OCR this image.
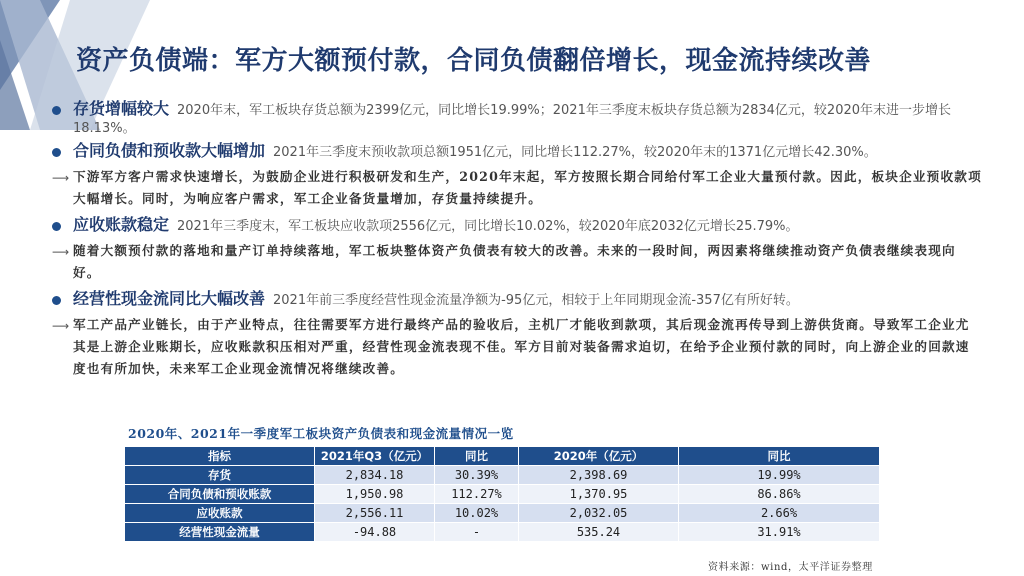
资产负债端：军方大额预付款，合同负债翻倍增长，现金流持续改善
存货增幅较大 2020年末，军工板块存货总额为2399亿元，同比增长19.99%；2021年三季度末板块存货总额为2834亿元，较2020年末进一步增长18.13%。
合同负债和预收款大幅增加 2021年三季度末预收款项总额1951亿元，同比增长112.27%，较2020年末的1371亿元增长42.30%。
⟶ 下游军方客户需求快速增长，为鼓励企业进行积极研发和生产，2020年末起，军方按照长期合同给付军工企业大量预付款。因此，板块企业预收款项大幅增长。同时，为响应客户需求，军工企业备货量增加，存货量持续提升。
应收账款稳定 2021年三季度末，军工板块应收款项2556亿元，同比增长10.02%，较2020年底2032亿元增长25.79%。
⟶ 随着大额预付款的落地和量产订单持续落地，军工板块整体资产负债表有较大的改善。未来的一段时间，两因素将继续推动资产负债表继续表现向好。
经营性现金流同比大幅改善 2021年前三季度经营性现金流量净额为-95亿元，相较于上年同期现金流-357亿有所好转。
⟶ 军工产品产业链长，由于产业特点，往往需要军方进行最终产品的验收后，主机厂才能收到款项，其后现金流再传导到上游供货商。导致军工企业尤其是上游企业账期长，应收账款积压相对严重，经营性现金流表现不佳。军方目前对装备需求迫切，在给予企业预付款的同时，向上游企业的回款速度也有所加快，未来军工企业现金流情况将继续改善。
2020年、2021年一季度军工板块资产负债表和现金流量情况一览
指标	2021年Q3（亿元）	同比	2020年（亿元）	同比
存货	2,834.18	30.39%	2,398.69	19.99%
合同负债和预收账款	1,950.98	112.27%	1,370.95	86.86%
应收账款	2,556.11	10.02%	2,032.05	2.66%
经营性现金流量	-94.88	-	535.24	31.91%
资料来源：wind，太平洋证券整理
